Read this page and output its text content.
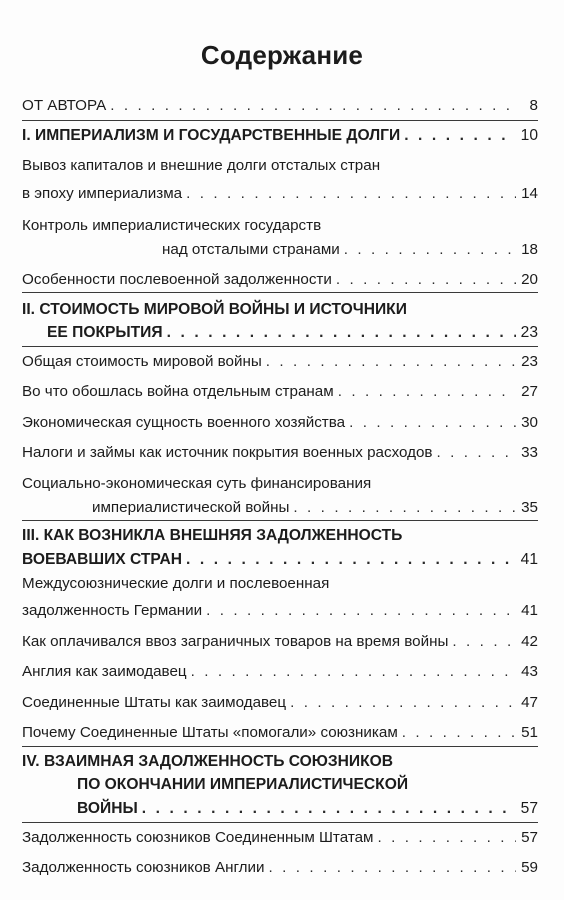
Содержание
ОТ АВТОРА . . .	8
I. ИМПЕРИАЛИЗМ И ГОСУДАРСТВЕННЫЕ ДОЛГИ . . .	10
Вывоз капиталов и внешние долги отсталых стран
в эпоху империализма . . .	14
Контроль империалистических государств
над отсталыми странами . . .	18
Особенности послевоенной задолженности . . .	20
II. СТОИМОСТЬ МИРОВОЙ ВОЙНЫ И ИСТОЧНИКИ
ЕЕ ПОКРЫТИЯ . . .	23
Общая стоимость мировой войны . . .	23
Во что обошлась война отдельным странам . . .	27
Экономическая сущность военного хозяйства . . .	30
Налоги и займы как источник покрытия военных расходов . . .	33
Социально-экономическая суть финансирования
империалистической войны . . .	35
III. КАК ВОЗНИКЛА ВНЕШНЯЯ ЗАДОЛЖЕННОСТЬ
ВОЕВАВШИХ СТРАН . . .	41
Междусоюзнические долги и послевоенная
задолженность Германии . . .	41
Как оплачивался ввоз заграничных товаров на время войны . . .	42
Англия как заимодавец . . .	43
Соединенные Штаты как заимодавец . . .	47
Почему Соединенные Штаты «помогали» союзникам . . .	51
IV. ВЗАИМНАЯ ЗАДОЛЖЕННОСТЬ СОЮЗНИКОВ
ПО ОКОНЧАНИИ ИМПЕРИАЛИСТИЧЕСКОЙ
ВОЙНЫ . . .	57
Задолженность союзников Соединенным Штатам . . .	57
Задолженность союзников Англии . . .	59
